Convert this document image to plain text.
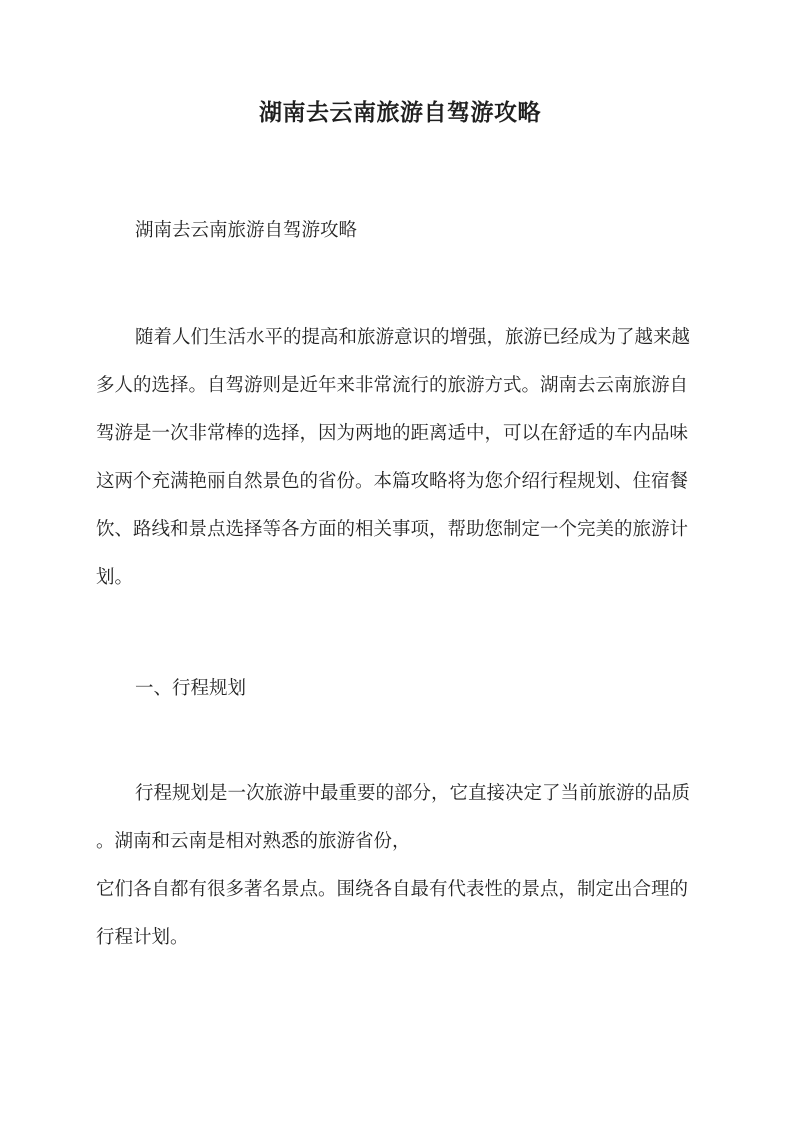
湖南去云南旅游自驾游攻略

湖南去云南旅游自驾游攻略

随着人们生活水平的提高和旅游意识的增强，旅游已经成为了越来越

多人的选择。自驾游则是近年来非常流行的旅游方式。湖南去云南旅游自

驾游是一次非常棒的选择，因为两地的距离适中，可以在舒适的车内品味

这两个充满艳丽自然景色的省份。本篇攻略将为您介绍行程规划、住宿餐

饮、路线和景点选择等各方面的相关事项，帮助您制定一个完美的旅游计

划。

一、行程规划

行程规划是一次旅游中最重要的部分，它直接决定了当前旅游的品质

。湖南和云南是相对熟悉的旅游省份，

它们各自都有很多著名景点。围绕各自最有代表性的景点，制定出合理的

行程计划。
